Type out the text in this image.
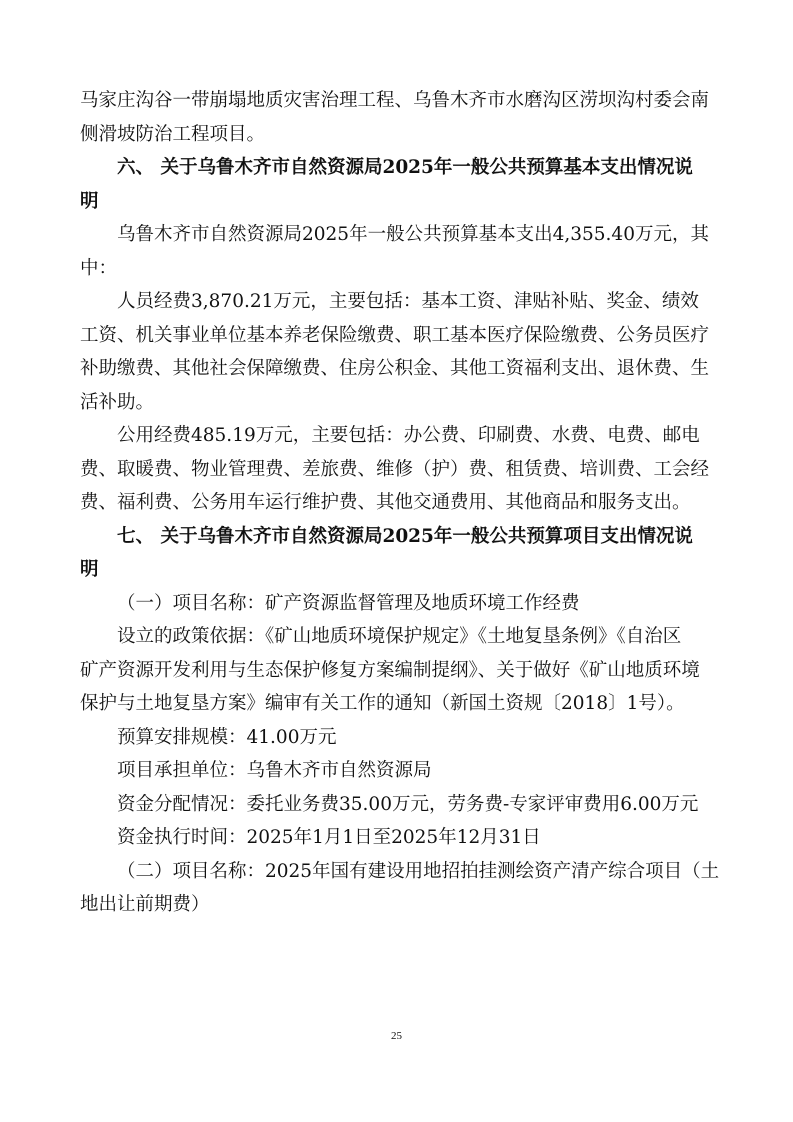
马家庄沟谷一带崩塌地质灾害治理工程、乌鲁木齐市水磨沟区涝坝沟村委会南
侧滑坡防治工程项目。
六、 关于乌鲁木齐市自然资源局2025年一般公共预算基本支出情况说
明
乌鲁木齐市自然资源局2025年一般公共预算基本支出4,355.40万元，其
中：
人员经费3,870.21万元，主要包括：基本工资、津贴补贴、奖金、绩效
工资、机关事业单位基本养老保险缴费、职工基本医疗保险缴费、公务员医疗
补助缴费、其他社会保障缴费、住房公积金、其他工资福利支出、退休费、生
活补助。
公用经费485.19万元，主要包括：办公费、印刷费、水费、电费、邮电
费、取暖费、物业管理费、差旅费、维修（护）费、租赁费、培训费、工会经
费、福利费、公务用车运行维护费、其他交通费用、其他商品和服务支出。
七、 关于乌鲁木齐市自然资源局2025年一般公共预算项目支出情况说
明
（一）项目名称：矿产资源监督管理及地质环境工作经费
设立的政策依据：《矿山地质环境保护规定》《土地复垦条例》《自治区
矿产资源开发利用与生态保护修复方案编制提纲》、关于做好《矿山地质环境
保护与土地复垦方案》编审有关工作的通知（新国土资规〔2018〕1号）。
预算安排规模：41.00万元
项目承担单位：乌鲁木齐市自然资源局
资金分配情况：委托业务费35.00万元，劳务费-专家评审费用6.00万元
资金执行时间：2025年1月1日至2025年12月31日
（二）项目名称：2025年国有建设用地招拍挂测绘资产清产综合项目（土
地出让前期费）
25
